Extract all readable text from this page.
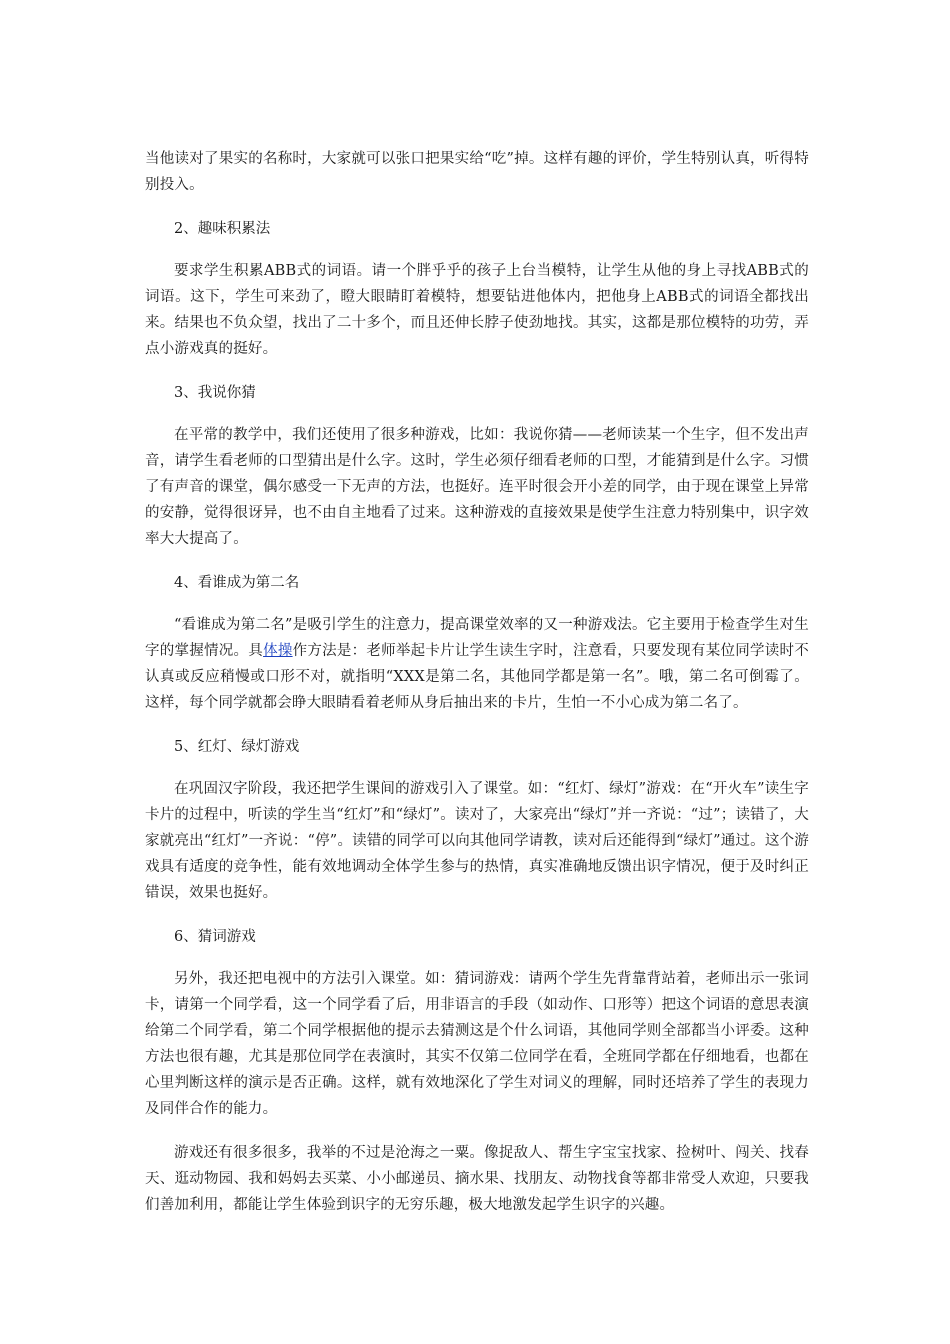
当他读对了果实的名称时，大家就可以张口把果实给“吃”掉。这样有趣的评价，学生特别认真，听得特别投入。

2、趣味积累法

要求学生积累ABB式的词语。请一个胖乎乎的孩子上台当模特，让学生从他的身上寻找ABB式的词语。这下，学生可来劲了，瞪大眼睛盯着模特，想要钻进他体内，把他身上ABB式的词语全都找出来。结果也不负众望，找出了二十多个，而且还伸长脖子使劲地找。其实，这都是那位模特的功劳，弄点小游戏真的挺好。

3、我说你猜

在平常的教学中，我们还使用了很多种游戏，比如：我说你猜——老师读某一个生字，但不发出声音，请学生看老师的口型猜出是什么字。这时，学生必须仔细看老师的口型，才能猜到是什么字。习惯了有声音的课堂，偶尔感受一下无声的方法，也挺好。连平时很会开小差的同学，由于现在课堂上异常的安静，觉得很讶异，也不由自主地看了过来。这种游戏的直接效果是使学生注意力特别集中，识字效率大大提高了。

4、看谁成为第二名

“看谁成为第二名”是吸引学生的注意力，提高课堂效率的又一种游戏法。它主要用于检查学生对生字的掌握情况。具体操作方法是：老师举起卡片让学生读生字时，注意看，只要发现有某位同学读时不认真或反应稍慢或口形不对，就指明“XXX是第二名，其他同学都是第一名”。哦，第二名可倒霉了。这样，每个同学就都会睁大眼睛看着老师从身后抽出来的卡片，生怕一不小心成为第二名了。

5、红灯、绿灯游戏

在巩固汉字阶段，我还把学生课间的游戏引入了课堂。如：“红灯、绿灯”游戏：在“开火车”读生字卡片的过程中，听读的学生当“红灯”和“绿灯”。读对了，大家亮出“绿灯”并一齐说：“过”；读错了，大家就亮出“红灯”一齐说：“停”。读错的同学可以向其他同学请教，读对后还能得到“绿灯”通过。这个游戏具有适度的竞争性，能有效地调动全体学生参与的热情，真实准确地反馈出识字情况，便于及时纠正错误，效果也挺好。

6、猜词游戏

另外，我还把电视中的方法引入课堂。如：猜词游戏：请两个学生先背靠背站着，老师出示一张词卡，请第一个同学看，这一个同学看了后，用非语言的手段（如动作、口形等）把这个词语的意思表演给第二个同学看，第二个同学根据他的提示去猜测这是个什么词语，其他同学则全部都当小评委。这种方法也很有趣，尤其是那位同学在表演时，其实不仅第二位同学在看，全班同学都在仔细地看，也都在心里判断这样的演示是否正确。这样，就有效地深化了学生对词义的理解，同时还培养了学生的表现力及同伴合作的能力。

游戏还有很多很多，我举的不过是沧海之一粟。像捉敌人、帮生字宝宝找家、捡树叶、闯关、找春天、逛动物园、我和妈妈去买菜、小小邮递员、摘水果、找朋友、动物找食等都非常受人欢迎，只要我们善加利用，都能让学生体验到识字的无穷乐趣，极大地激发起学生识字的兴趣。
